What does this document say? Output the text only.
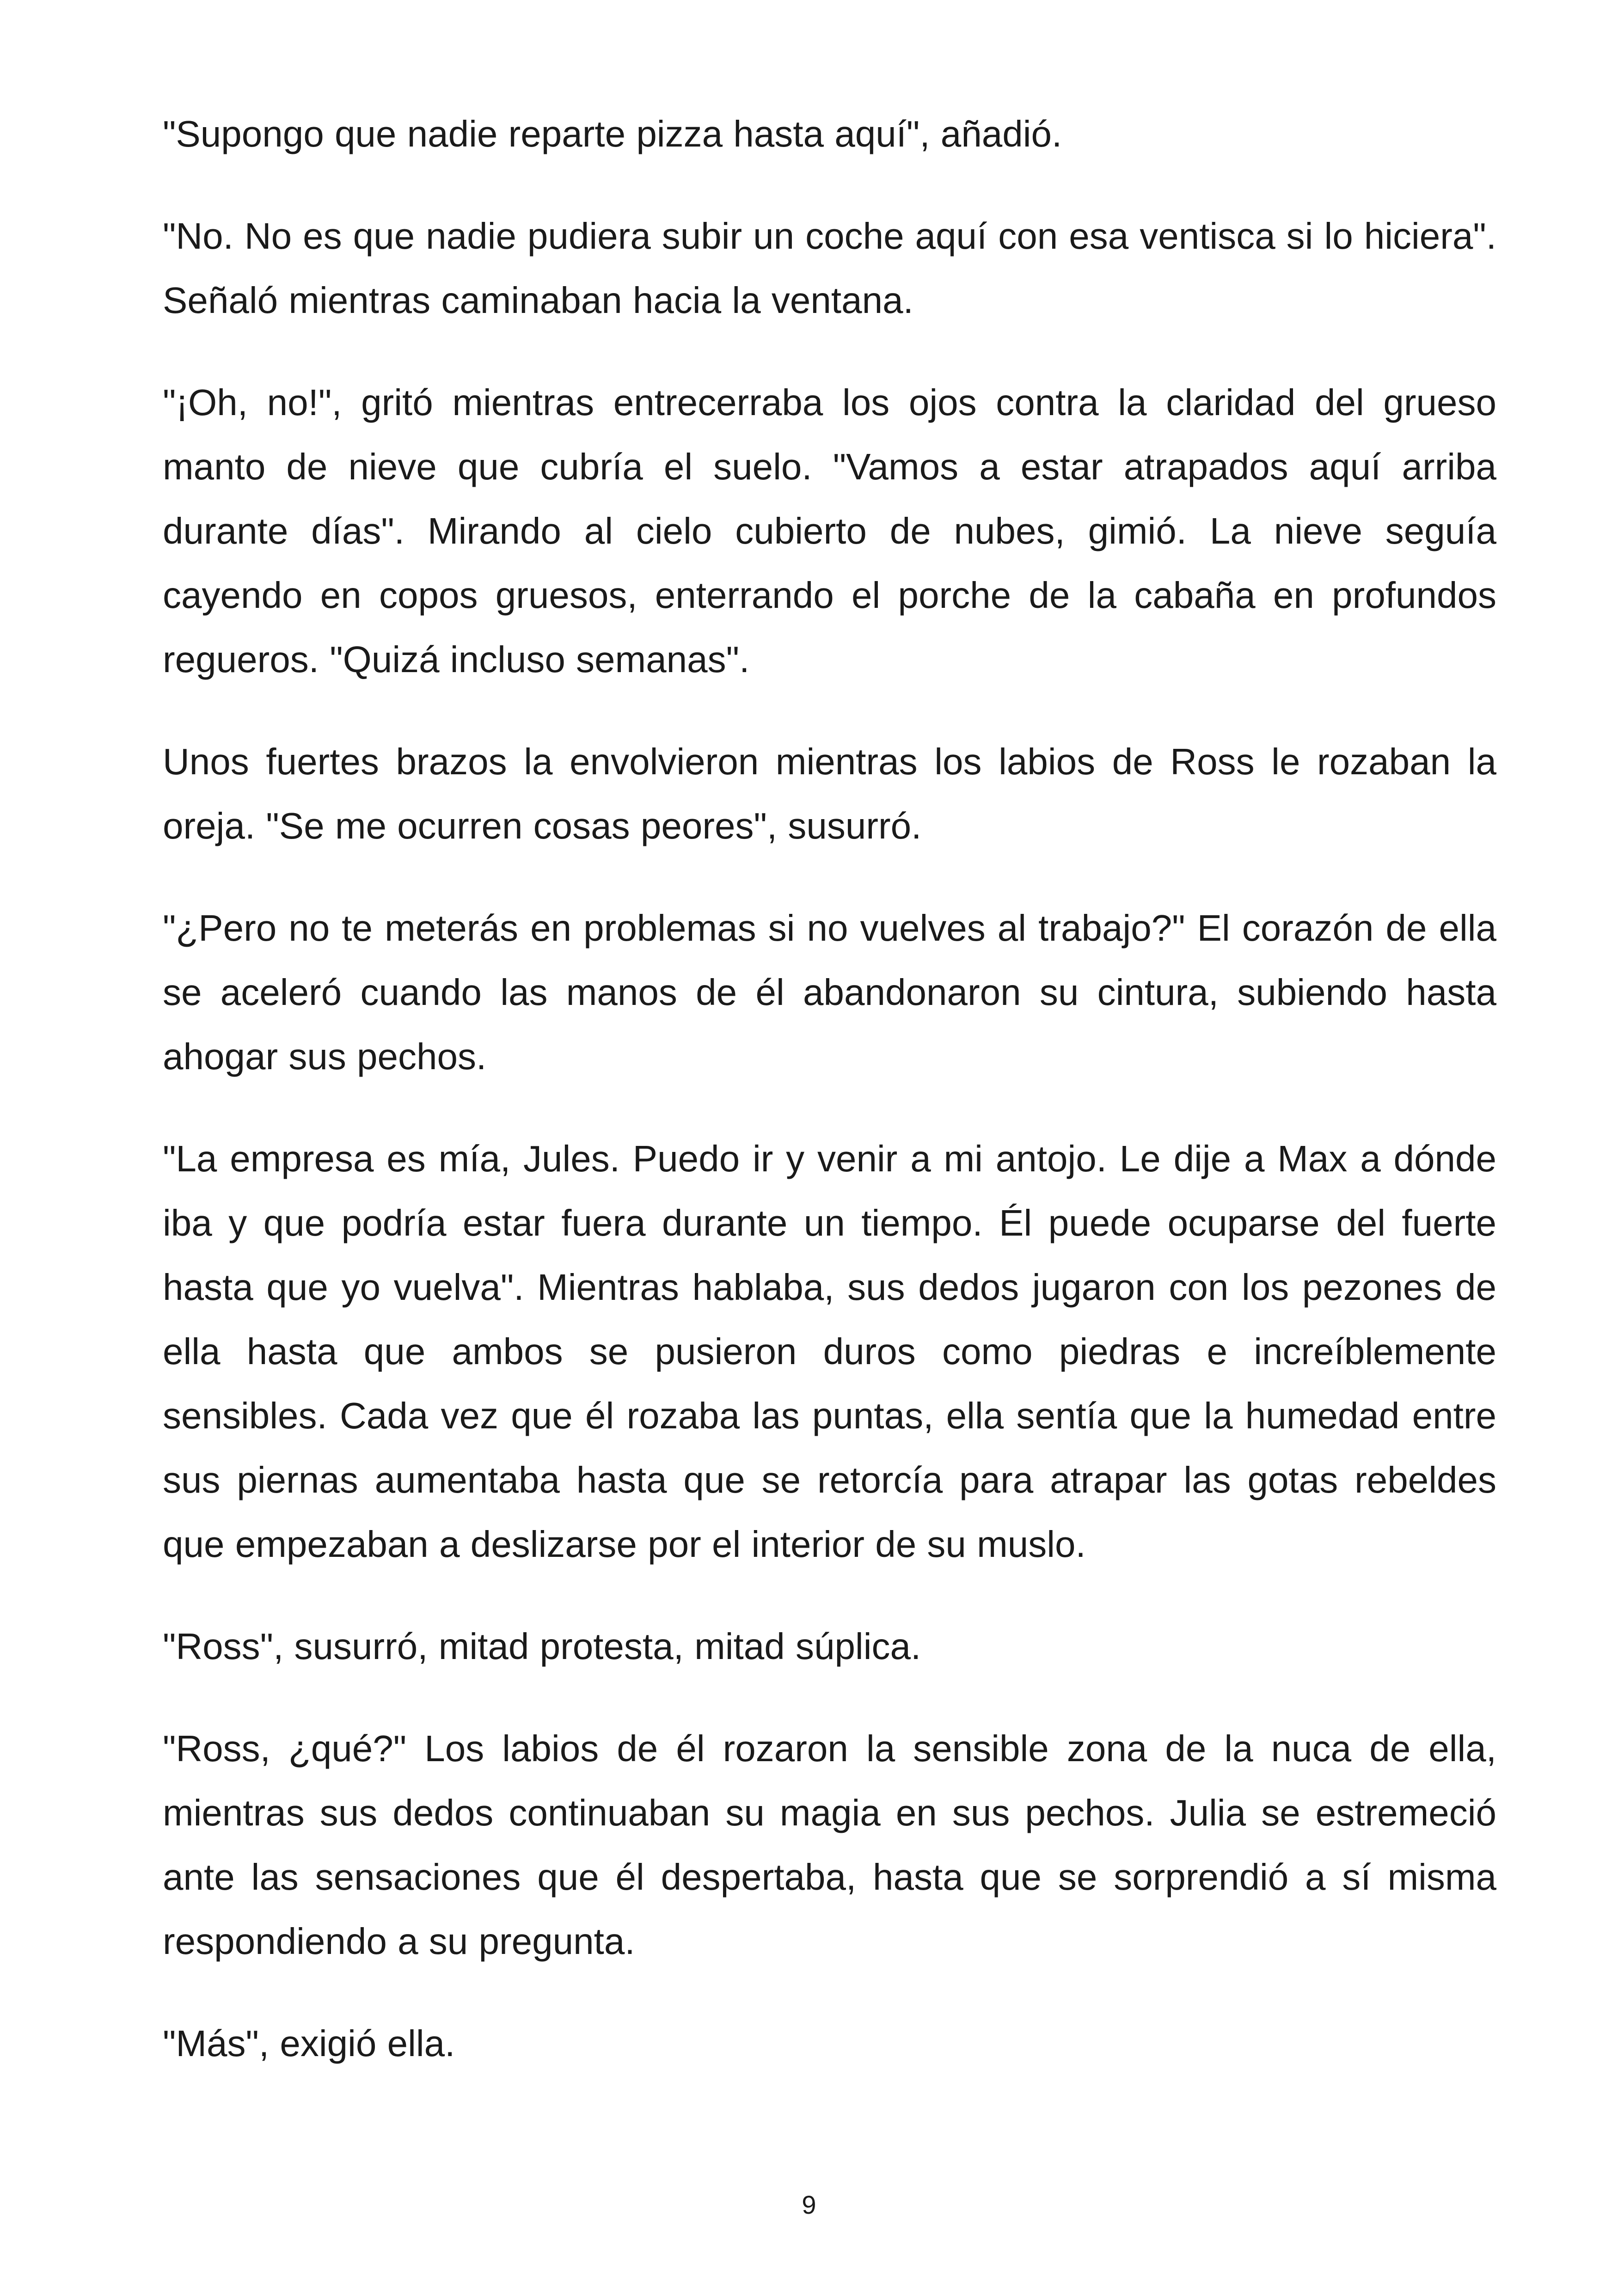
"Supongo que nadie reparte pizza hasta aquí", añadió.

"No. No es que nadie pudiera subir un coche aquí con esa ventisca si lo hiciera". Señaló mientras caminaban hacia la ventana.

"¡Oh, no!", gritó mientras entrecerraba los ojos contra la claridad del grueso manto de nieve que cubría el suelo. "Vamos a estar atrapados aquí arriba durante días". Mirando al cielo cubierto de nubes, gimió. La nieve seguía cayendo en copos gruesos, enterrando el porche de la cabaña en profundos regueros. "Quizá incluso semanas".

Unos fuertes brazos la envolvieron mientras los labios de Ross le rozaban la oreja. "Se me ocurren cosas peores", susurró.

"¿Pero no te meterás en problemas si no vuelves al trabajo?" El corazón de ella se aceleró cuando las manos de él abandonaron su cintura, subiendo hasta ahogar sus pechos.

"La empresa es mía, Jules. Puedo ir y venir a mi antojo. Le dije a Max a dónde iba y que podría estar fuera durante un tiempo. Él puede ocuparse del fuerte hasta que yo vuelva". Mientras hablaba, sus dedos jugaron con los pezones de ella hasta que ambos se pusieron duros como piedras e increíblemente sensibles. Cada vez que él rozaba las puntas, ella sentía que la humedad entre sus piernas aumentaba hasta que se retorcía para atrapar las gotas rebeldes que empezaban a deslizarse por el interior de su muslo.

"Ross", susurró, mitad protesta, mitad súplica.

"Ross, ¿qué?" Los labios de él rozaron la sensible zona de la nuca de ella, mientras sus dedos continuaban su magia en sus pechos. Julia se estremeció ante las sensaciones que él despertaba, hasta que se sorprendió a sí misma respondiendo a su pregunta.

"Más", exigió ella.

9
